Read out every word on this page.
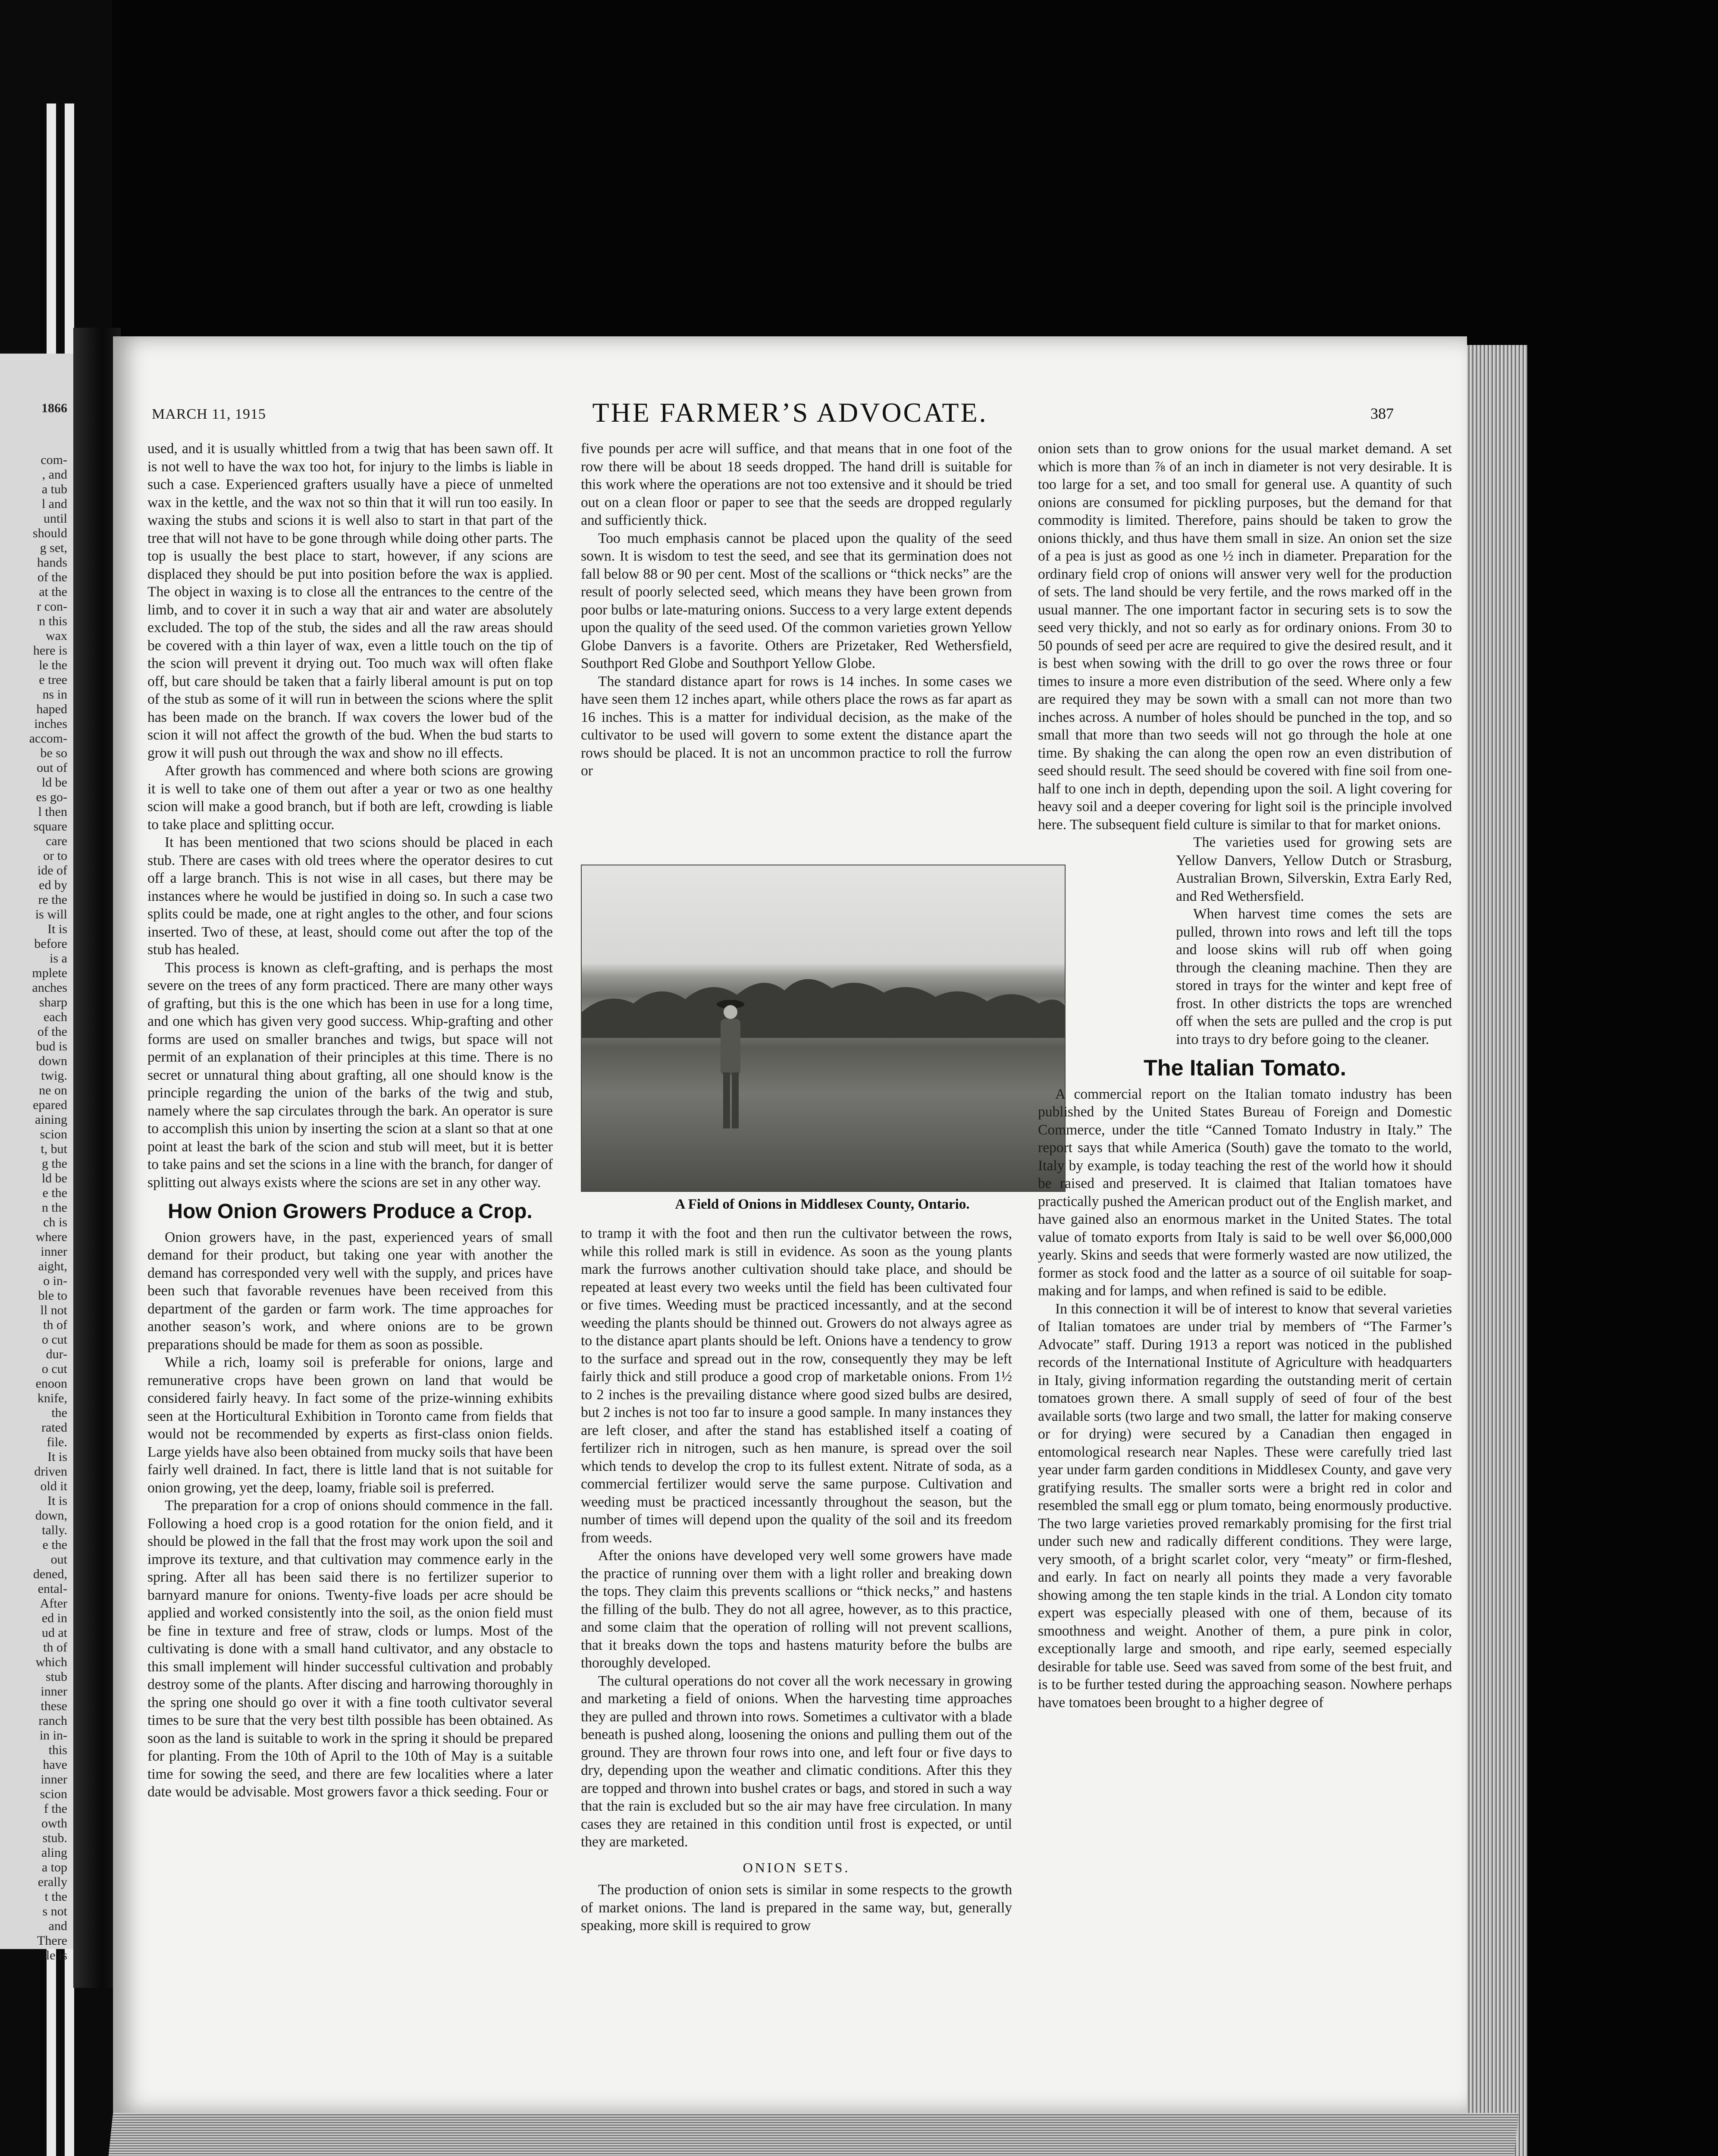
1866
com-
, and
a tub
l and
until
should
g set,
hands
of the
at the
r con-
n this
wax
here is
le the
e tree
ns in
haped
inches
accom-
be so
out of
ld be
es go-
l then
square
care
or to
ide of
ed by
re the
is will
It is
before
is a
mplete
anches
sharp
each
of the
bud is
down
twig.
ne on
epared
aining
scion
t, but
g the
ld be
e the
n the
ch is
where
inner
aight,
o in-
ble to
ll not
th of
o cut
dur-
o cut
enoon
knife,
the
rated
file.
It is
driven
old it
It is
down,
tally.
e the
out
dened,
ental-
After
ed in
ud at
th of
which
stub
inner
these
ranch
in in-
this
have
inner
scion
f the
owth
stub.
aling
a top
erally
t the
s not
and
There
le is
MARCH 11, 1915	THE FARMER’S ADVOCATE.	387

used, and it is usually whittled from a twig that has been sawn off. It is not well to have the wax too hot, for injury to the limbs is liable in such a case. Experienced grafters usually have a piece of unmelted wax in the kettle, and the wax not so thin that it will run too easily. In waxing the stubs and scions it is well also to start in that part of the tree that will not have to be gone through while doing other parts. The top is usually the best place to start, however, if any scions are displaced they should be put into position before the wax is applied. The object in waxing is to close all the entrances to the centre of the limb, and to cover it in such a way that air and water are absolutely excluded. The top of the stub, the sides and all the raw areas should be covered with a thin layer of wax, even a little touch on the tip of the scion will prevent it drying out. Too much wax will often flake off, but care should be taken that a fairly liberal amount is put on top of the stub as some of it will run in between the scions where the split has been made on the branch. If wax covers the lower bud of the scion it will not affect the growth of the bud. When the bud starts to grow it will push out through the wax and show no ill effects.

After growth has commenced and where both scions are growing it is well to take one of them out after a year or two as one healthy scion will make a good branch, but if both are left, crowding is liable to take place and splitting occur.

It has been mentioned that two scions should be placed in each stub. There are cases with old trees where the operator desires to cut off a large branch. This is not wise in all cases, but there may be instances where he would be justified in doing so. In such a case two splits could be made, one at right angles to the other, and four scions inserted. Two of these, at least, should come out after the top of the stub has healed.

This process is known as cleft-grafting, and is perhaps the most severe on the trees of any form practiced. There are many other ways of grafting, but this is the one which has been in use for a long time, and one which has given very good success. Whip-grafting and other forms are used on smaller branches and twigs, but space will not permit of an explanation of their principles at this time. There is no secret or unnatural thing about grafting, all one should know is the principle regarding the union of the barks of the twig and stub, namely where the sap circulates through the bark. An operator is sure to accomplish this union by inserting the scion at a slant so that at one point at least the bark of the scion and stub will meet, but it is better to take pains and set the scions in a line with the branch, for danger of splitting out always exists where the scions are set in any other way.

How Onion Growers Produce a Crop.

Onion growers have, in the past, experienced years of small demand for their product, but taking one year with another the demand has corresponded very well with the supply, and prices have been such that favorable revenues have been received from this department of the garden or farm work. The time approaches for another season’s work, and where onions are to be grown preparations should be made for them as soon as possible.

While a rich, loamy soil is preferable for onions, large and remunerative crops have been grown on land that would be considered fairly heavy. In fact some of the prize-winning exhibits seen at the Horticultural Exhibition in Toronto came from fields that would not be recommended by experts as first-class onion fields. Large yields have also been obtained from mucky soils that have been fairly well drained. In fact, there is little land that is not suitable for onion growing, yet the deep, loamy, friable soil is preferred.

The preparation for a crop of onions should commence in the fall. Following a hoed crop is a good rotation for the onion field, and it should be plowed in the fall that the frost may work upon the soil and improve its texture, and that cultivation may commence early in the spring. After all has been said there is no fertilizer superior to barnyard manure for onions. Twenty-five loads per acre should be applied and worked consistently into the soil, as the onion field must be fine in texture and free of straw, clods or lumps. Most of the cultivating is done with a small hand cultivator, and any obstacle to this small implement will hinder successful cultivation and probably destroy some of the plants. After discing and harrowing thoroughly in the spring one should go over it with a fine tooth cultivator several times to be sure that the very best tilth possible has been obtained. As soon as the land is suitable to work in the spring it should be prepared for planting. From the 10th of April to the 10th of May is a suitable time for sowing the seed, and there are few localities where a later date would be advisable. Most growers favor a thick seeding. Four or

five pounds per acre will suffice, and that means that in one foot of the row there will be about 18 seeds dropped. The hand drill is suitable for this work where the operations are not too extensive and it should be tried out on a clean floor or paper to see that the seeds are dropped regularly and sufficiently thick.

Too much emphasis cannot be placed upon the quality of the seed sown. It is wisdom to test the seed, and see that its germination does not fall below 88 or 90 per cent. Most of the scallions or “thick necks” are the result of poorly selected seed, which means they have been grown from poor bulbs or late-maturing onions. Success to a very large extent depends upon the quality of the seed used. Of the common varieties grown Yellow Globe Danvers is a favorite. Others are Prizetaker, Red Wethersfield, Southport Red Globe and Southport Yellow Globe.

The standard distance apart for rows is 14 inches. In some cases we have seen them 12 inches apart, while others place the rows as far apart as 16 inches. This is a matter for individual decision, as the make of the cultivator to be used will govern to some extent the distance apart the rows should be placed. It is not an uncommon practice to roll the furrow or

A Field of Onions in Middlesex County, Ontario.

to tramp it with the foot and then run the cultivator between the rows, while this rolled mark is still in evidence. As soon as the young plants mark the furrows another cultivation should take place, and should be repeated at least every two weeks until the field has been cultivated four or five times. Weeding must be practiced incessantly, and at the second weeding the plants should be thinned out. Growers do not always agree as to the distance apart plants should be left. Onions have a tendency to grow to the surface and spread out in the row, consequently they may be left fairly thick and still produce a good crop of marketable onions. From 1½ to 2 inches is the prevailing distance where good sized bulbs are desired, but 2 inches is not too far to insure a good sample. In many instances they are left closer, and after the stand has established itself a coating of fertilizer rich in nitrogen, such as hen manure, is spread over the soil which tends to develop the crop to its fullest extent. Nitrate of soda, as a commercial fertilizer would serve the same purpose. Cultivation and weeding must be practiced incessantly throughout the season, but the number of times will depend upon the quality of the soil and its freedom from weeds.

After the onions have developed very well some growers have made the practice of running over them with a light roller and breaking down the tops. They claim this prevents scallions or “thick necks,” and hastens the filling of the bulb. They do not all agree, however, as to this practice, and some claim that the operation of rolling will not prevent scallions, that it breaks down the tops and hastens maturity before the bulbs are thoroughly developed.

The cultural operations do not cover all the work necessary in growing and marketing a field of onions. When the harvesting time approaches they are pulled and thrown into rows. Sometimes a cultivator with a blade beneath is pushed along, loosening the onions and pulling them out of the ground. They are thrown four rows into one, and left four or five days to dry, depending upon the weather and climatic conditions. After this they are topped and thrown into bushel crates or bags, and stored in such a way that the rain is excluded but so the air may have free circulation. In many cases they are retained in this condition until frost is expected, or until they are marketed.

ONION SETS.

The production of onion sets is similar in some respects to the growth of market onions. The land is prepared in the same way, but, generally speaking, more skill is required to grow

onion sets than to grow onions for the usual market demand. A set which is more than ⅞ of an inch in diameter is not very desirable. It is too large for a set, and too small for general use. A quantity of such onions are consumed for pickling purposes, but the demand for that commodity is limited. Therefore, pains should be taken to grow the onions thickly, and thus have them small in size. An onion set the size of a pea is just as good as one ½ inch in diameter. Preparation for the ordinary field crop of onions will answer very well for the production of sets. The land should be very fertile, and the rows marked off in the usual manner. The one important factor in securing sets is to sow the seed very thickly, and not so early as for ordinary onions. From 30 to 50 pounds of seed per acre are required to give the desired result, and it is best when sowing with the drill to go over the rows three or four times to insure a more even distribution of the seed. Where only a few are required they may be sown with a small can not more than two inches across. A number of holes should be punched in the top, and so small that more than two seeds will not go through the hole at one time. By shaking the can along the open row an even distribution of seed should result. The seed should be covered with fine soil from one-half to one inch in depth, depending upon the soil. A light covering for heavy soil and a deeper covering for light soil is the principle involved here. The subsequent field culture is similar to that for market onions.

The varieties used for growing sets are Yellow Danvers, Yellow Dutch or Strasburg, Australian Brown, Silverskin, Extra Early Red, and Red Wethersfield.

When harvest time comes the sets are pulled, thrown into rows and left till the tops and loose skins will rub off when going through the cleaning machine. Then they are stored in trays for the winter and kept free of frost. In other districts the tops are wrenched off when the sets are pulled and the crop is put into trays to dry before going to the cleaner.

The Italian Tomato.

A commercial report on the Italian tomato industry has been published by the United States Bureau of Foreign and Domestic Commerce, under the title “Canned Tomato Industry in Italy.” The report says that while America (South) gave the tomato to the world, Italy by example, is today teaching the rest of the world how it should be raised and preserved. It is claimed that Italian tomatoes have practically pushed the American product out of the English market, and have gained also an enormous market in the United States. The total value of tomato exports from Italy is said to be well over $6,000,000 yearly. Skins and seeds that were formerly wasted are now utilized, the former as stock food and the latter as a source of oil suitable for soap-making and for lamps, and when refined is said to be edible.

In this connection it will be of interest to know that several varieties of Italian tomatoes are under trial by members of “The Farmer’s Advocate” staff. During 1913 a report was noticed in the published records of the International Institute of Agriculture with headquarters in Italy, giving information regarding the outstanding merit of certain tomatoes grown there. A small supply of seed of four of the best available sorts (two large and two small, the latter for making conserve or for drying) were secured by a Canadian then engaged in entomological research near Naples. These were carefully tried last year under farm garden conditions in Middlesex County, and gave very gratifying results. The smaller sorts were a bright red in color and resembled the small egg or plum tomato, being enormously productive. The two large varieties proved remarkably promising for the first trial under such new and radically different conditions. They were large, very smooth, of a bright scarlet color, very “meaty” or firm-fleshed, and early. In fact on nearly all points they made a very favorable showing among the ten staple kinds in the trial. A London city tomato expert was especially pleased with one of them, because of its smoothness and weight. Another of them, a pure pink in color, exceptionally large and smooth, and ripe early, seemed especially desirable for table use. Seed was saved from some of the best fruit, and is to be further tested during the approaching season. Nowhere perhaps have tomatoes been brought to a higher degree of
